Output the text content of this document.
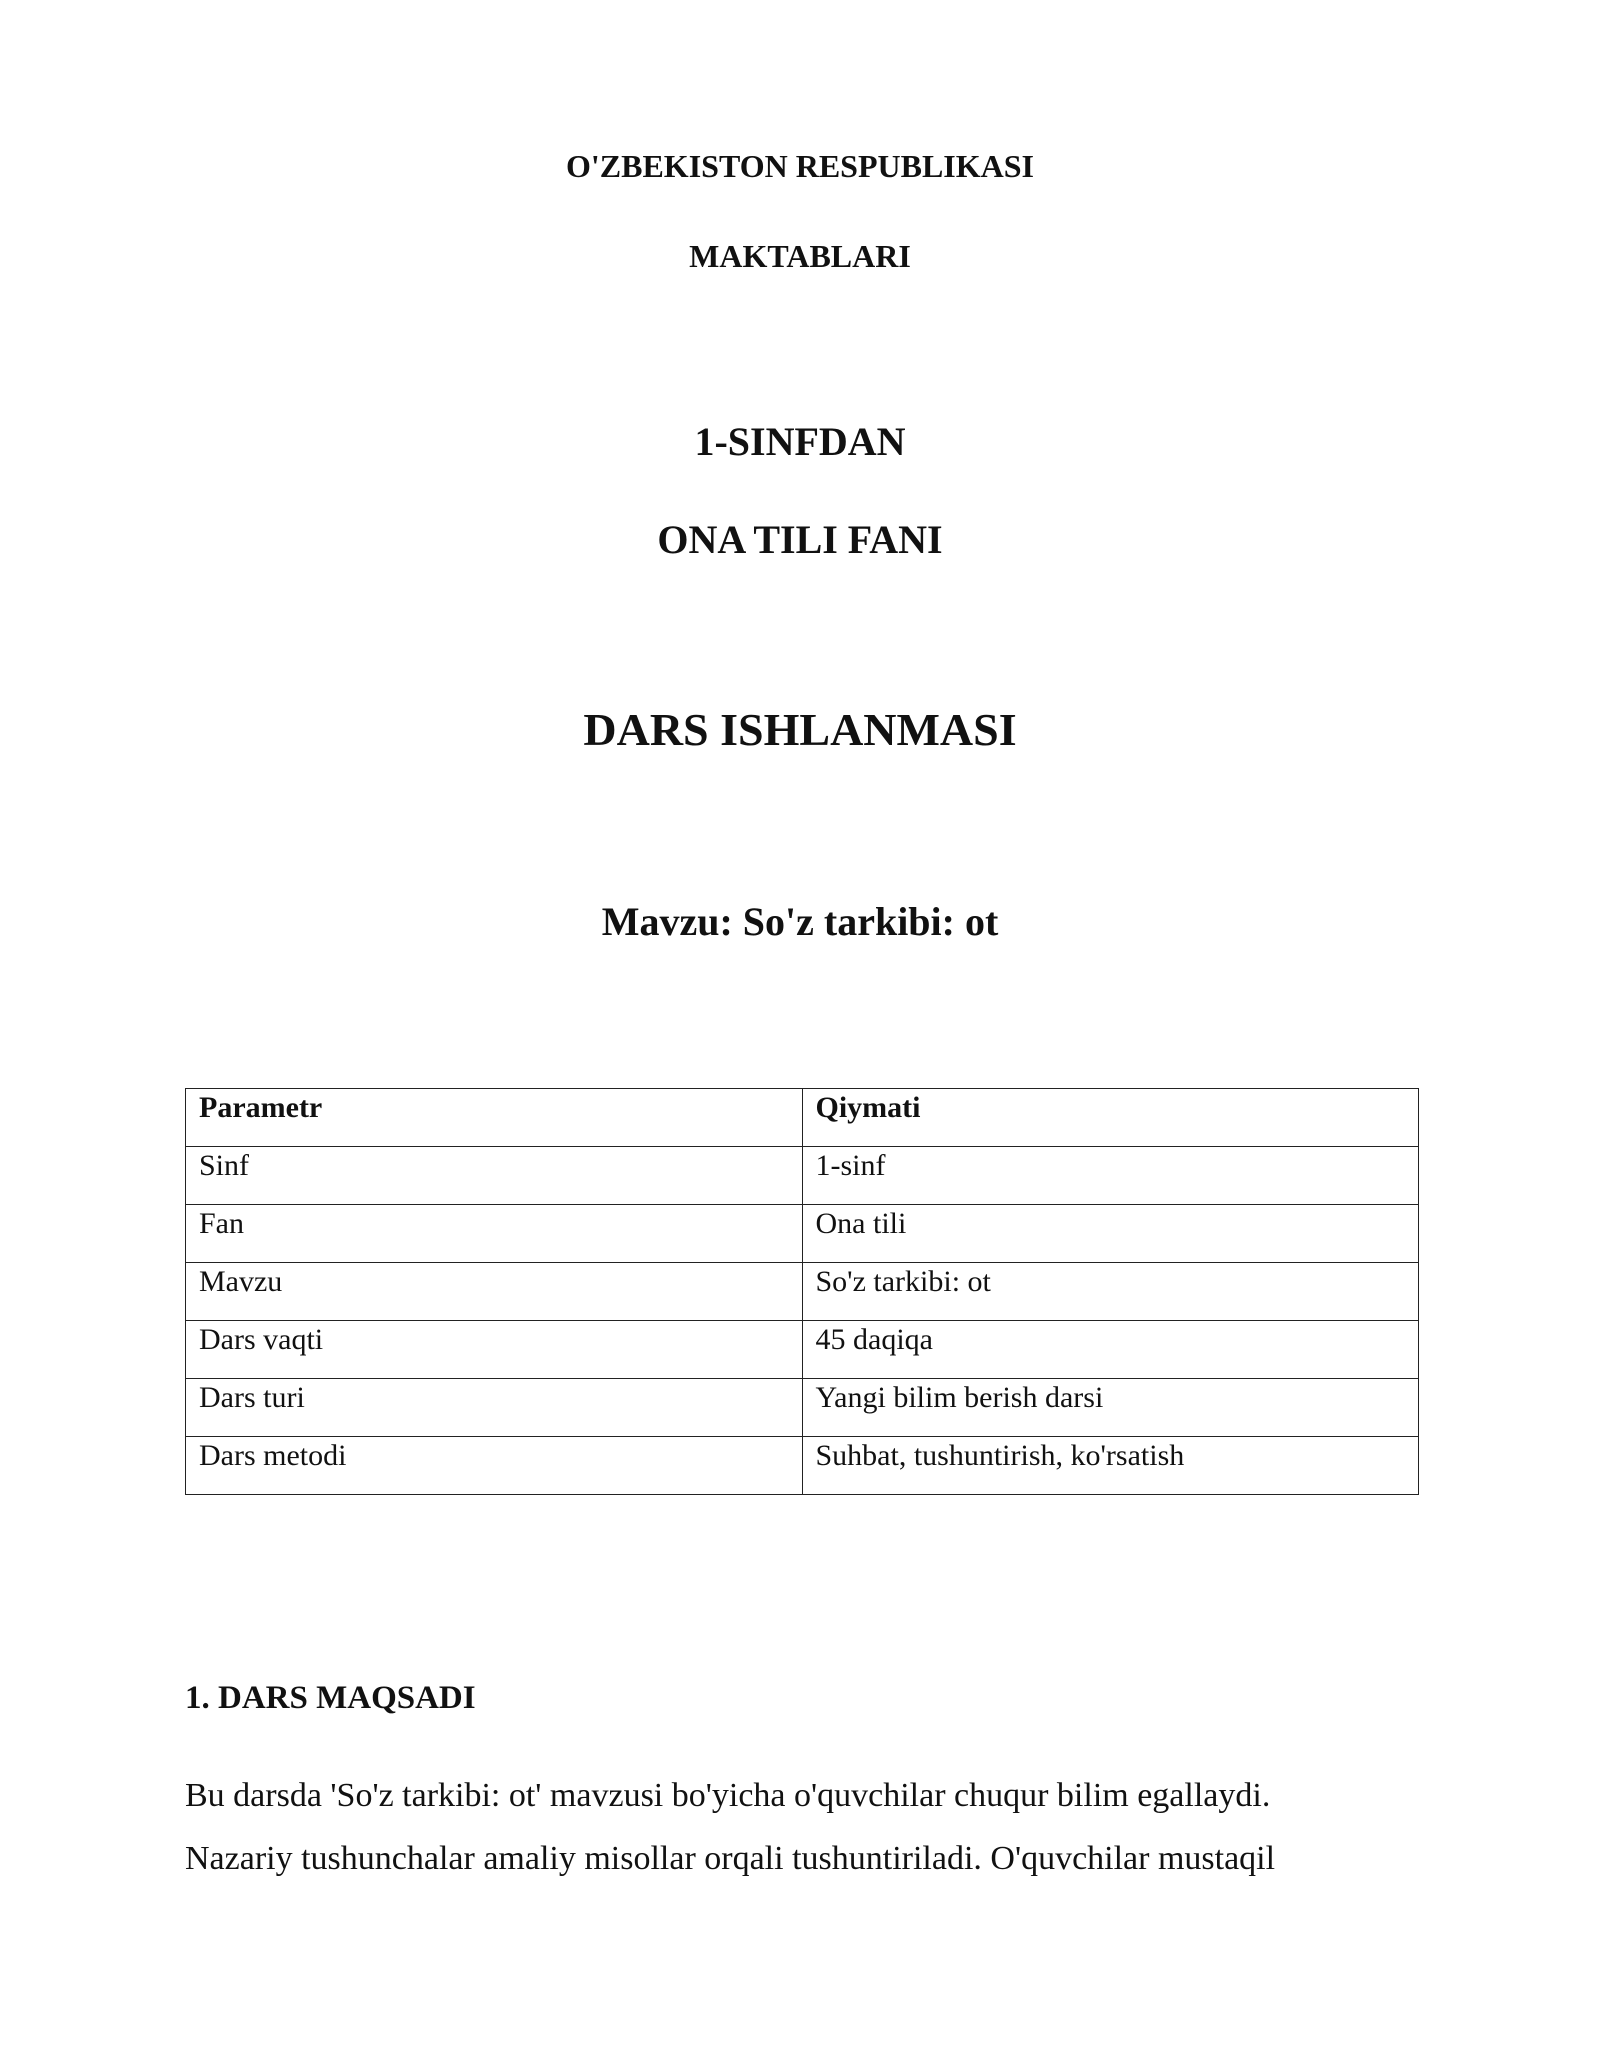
O'ZBEKISTON RESPUBLIKASI
MAKTABLARI
1-SINFDAN
ONA TILI FANI
DARS ISHLANMASI
Mavzu: So'z tarkibi: ot
Parametr	Qiymati
Sinf	1-sinf
Fan	Ona tili
Mavzu	So'z tarkibi: ot
Dars vaqti	45 daqiqa
Dars turi	Yangi bilim berish darsi
Dars metodi	Suhbat, tushuntirish, ko'rsatish
1. DARS MAQSADI
Bu darsda 'So'z tarkibi: ot' mavzusi bo'yicha o'quvchilar chuqur bilim egallaydi.
Nazariy tushunchalar amaliy misollar orqali tushuntiriladi. O'quvchilar mustaqil
